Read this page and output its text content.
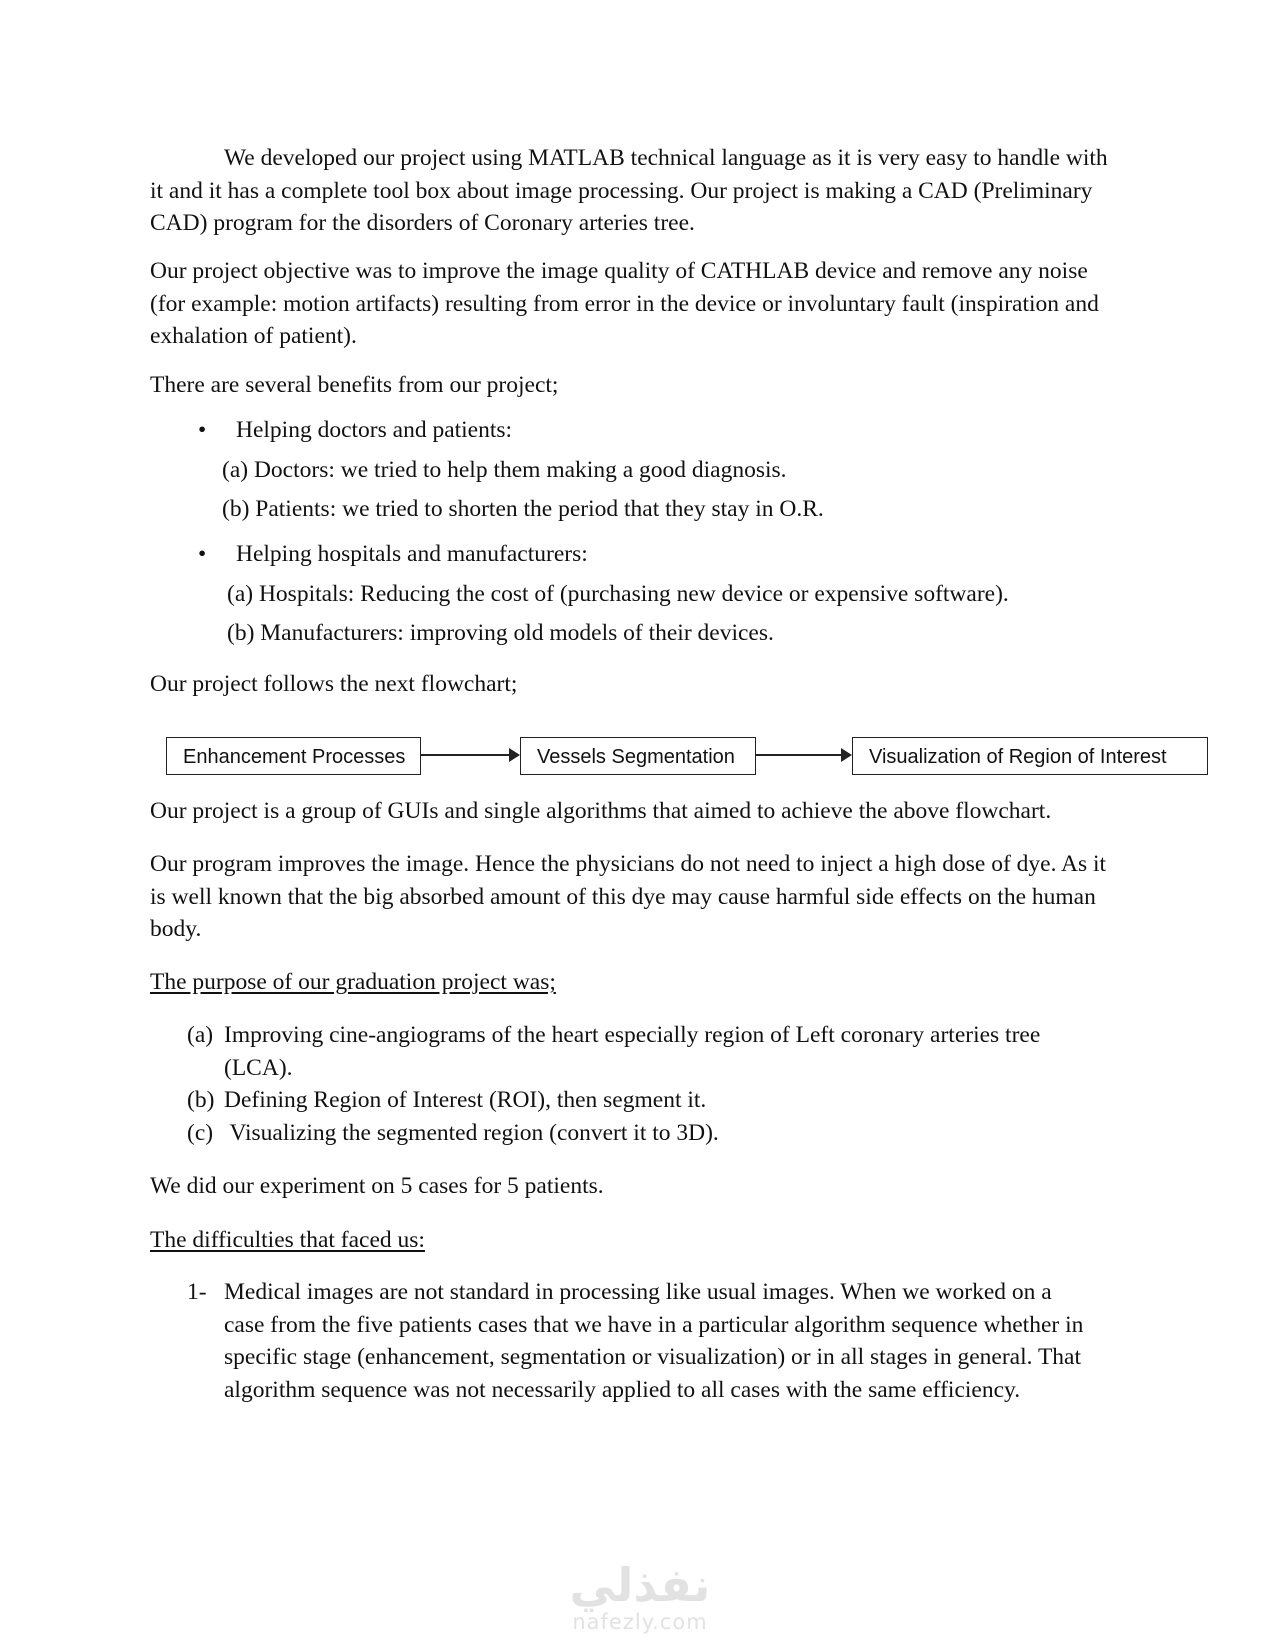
We developed our project using MATLAB technical language as it is very easy to handle with it and it has a complete tool box about image processing. Our project is making a CAD (Preliminary CAD) program for the disorders of Coronary arteries tree.

Our project objective was to improve the image quality of CATHLAB device and remove any noise (for example: motion artifacts) resulting from error in the device or involuntary fault (inspiration and exhalation of patient).

There are several benefits from our project;

• Helping doctors and patients:
(a) Doctors: we tried to help them making a good diagnosis.
(b) Patients: we tried to shorten the period that they stay in O.R.
• Helping hospitals and manufacturers:
(a) Hospitals: Reducing the cost of (purchasing new device or expensive software).
(b) Manufacturers: improving old models of their devices.

Our project follows the next flowchart;

Enhancement Processes	Vessels Segmentation	Visualization of Region of Interest

Our project is a group of GUIs and single algorithms that aimed to achieve the above flowchart.

Our program improves the image. Hence the physicians do not need to inject a high dose of dye. As it is well known that the big absorbed amount of this dye may cause harmful side effects on the human body.

The purpose of our graduation project was;

(a) Improving cine-angiograms of the heart especially region of Left coronary arteries tree (LCA).
(b) Defining Region of Interest (ROI), then segment it.
(c) Visualizing the segmented region (convert it to 3D).

We did our experiment on 5 cases for 5 patients.

The difficulties that faced us:

1- Medical images are not standard in processing like usual images. When we worked on a case from the five patients cases that we have in a particular algorithm sequence whether in specific stage (enhancement, segmentation or visualization) or in all stages in general. That algorithm sequence was not necessarily applied to all cases with the same efficiency.
نفذلي
nafezly.com
